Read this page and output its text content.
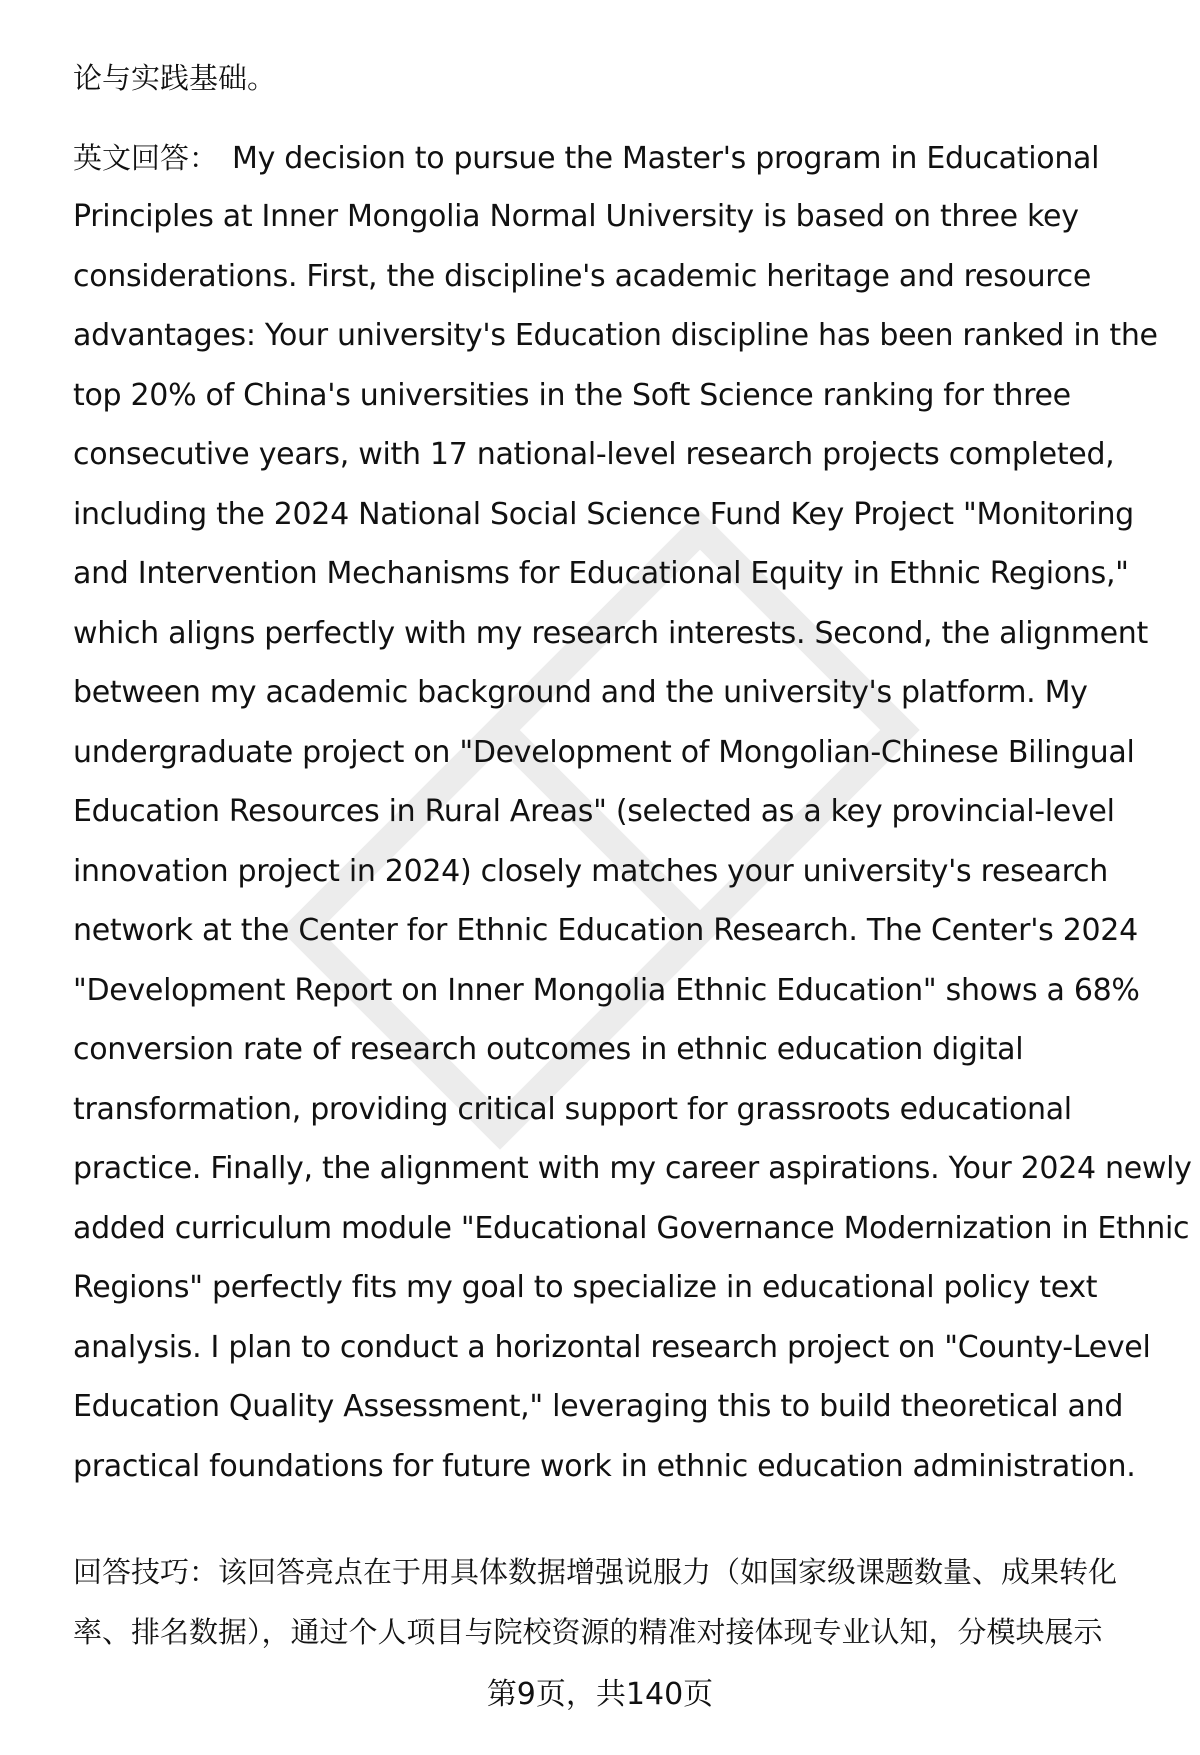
论与实践基础。
英文回答： My decision to pursue the Master's program in Educational
Principles at Inner Mongolia Normal University is based on three key
considerations. First, the discipline's academic heritage and resource
advantages: Your university's Education discipline has been ranked in the
top 20% of China's universities in the Soft Science ranking for three
consecutive years, with 17 national-level research projects completed,
including the 2024 National Social Science Fund Key Project "Monitoring
and Intervention Mechanisms for Educational Equity in Ethnic Regions,"
which aligns perfectly with my research interests. Second, the alignment
between my academic background and the university's platform. My
undergraduate project on "Development of Mongolian-Chinese Bilingual
Education Resources in Rural Areas" (selected as a key provincial-level
innovation project in 2024) closely matches your university's research
network at the Center for Ethnic Education Research. The Center's 2024
"Development Report on Inner Mongolia Ethnic Education" shows a 68%
conversion rate of research outcomes in ethnic education digital
transformation, providing critical support for grassroots educational
practice. Finally, the alignment with my career aspirations. Your 2024 newly
added curriculum module "Educational Governance Modernization in Ethnic
Regions" perfectly fits my goal to specialize in educational policy text
analysis. I plan to conduct a horizontal research project on "County-Level
Education Quality Assessment," leveraging this to build theoretical and
practical foundations for future work in ethnic education administration.
回答技巧：该回答亮点在于用具体数据增强说服力（如国家级课题数量、成果转化
率、排名数据），通过个人项目与院校资源的精准对接体现专业认知，分模块展示
第9页，共140页
